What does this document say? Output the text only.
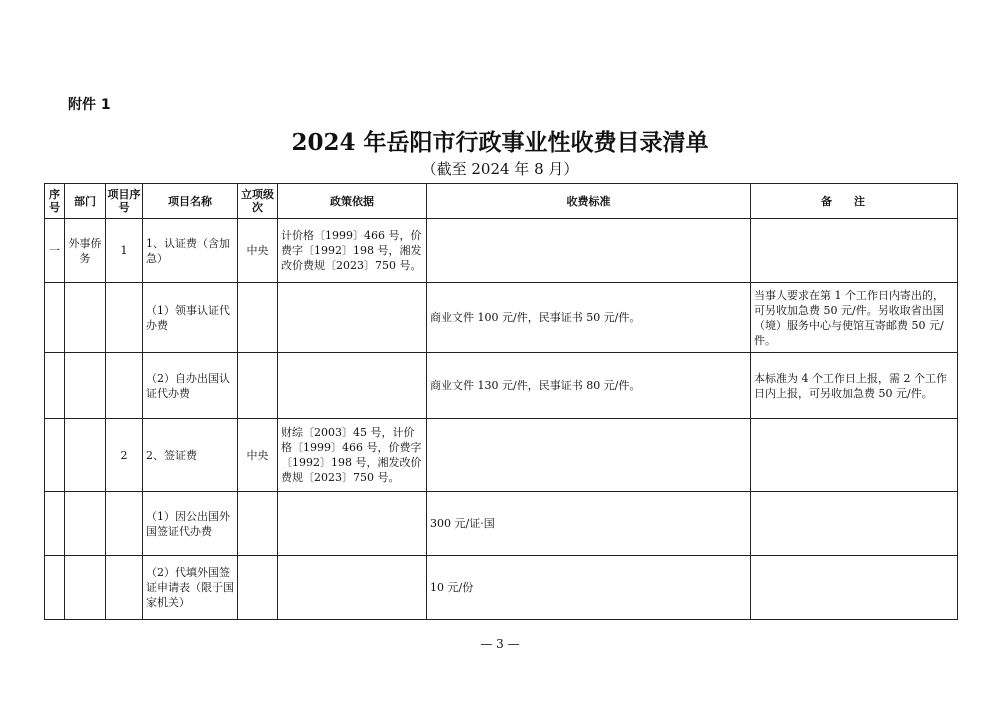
附件 1
2024 年岳阳市行政事业性收费目录清单
（截至 2024 年 8 月）
序号	部门	项目序号	项目名称	立项级次	政策依据	收费标准	备注
一	外事侨务	1	1、认证费（含加急）	中央	计价格〔1999〕466 号，价费字〔1992〕198 号，湘发改价费规〔2023〕750 号。		
			（1）领事认证代办费			商业文件 100 元/件，民事证书 50 元/件。	当事人要求在第 1 个工作日内寄出的，可另收加急费 50 元/件。另收取省出国（境）服务中心与使馆互寄邮费 50 元/件。
			（2）自办出国认证代办费			商业文件 130 元/件，民事证书 80 元/件。	本标准为 4 个工作日上报，需 2 个工作日内上报，可另收加急费 50 元/件。
		2	2、签证费	中央	财综〔2003〕45 号，计价格〔1999〕466 号，价费字〔1992〕198 号，湘发改价费规〔2023〕750 号。		
			（1）因公出国外国签证代办费			300 元/证·国	
			（2）代填外国签证申请表（限于国家机关）			10 元/份	
— 3 —
